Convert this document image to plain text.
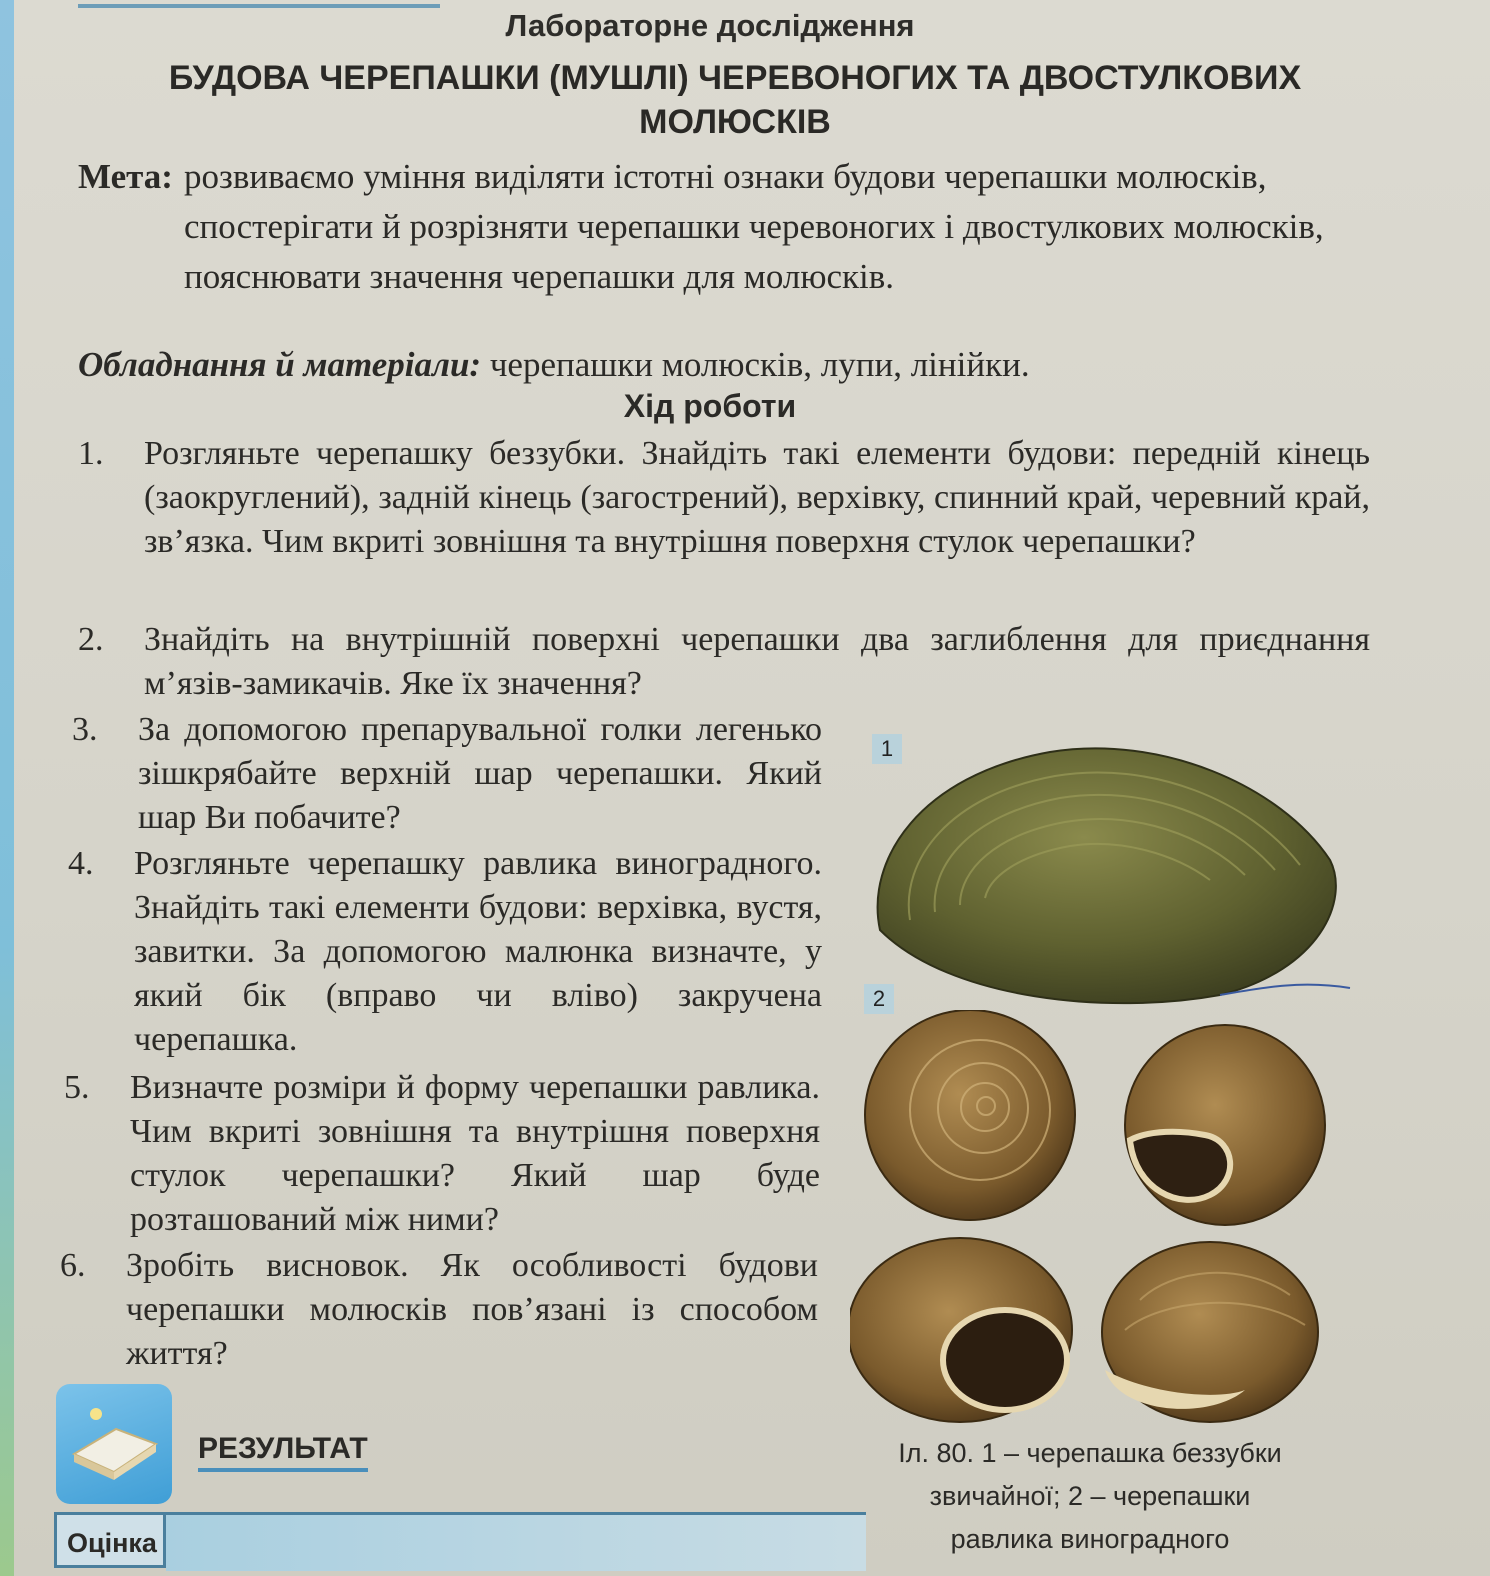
Лабораторне дослідження
БУДОВА ЧЕРЕПАШКИ (МУШЛІ) ЧЕРЕВОНОГИХ ТА ДВОСТУЛКОВИХ
МОЛЮСКІВ
Мета: розвиваємо уміння виділяти істотні ознаки будови черепашки молюсків, спостерігати й розрізняти черепашки черевоногих і двостулкових молюсків, пояснювати значення черепашки для молюсків.
Обладнання й матеріали: черепашки молюсків, лупи, лінійки.
Хід роботи
1.	Розгляньте черепашку беззубки. Знайдіть такі елементи будови: передній кінець (заокруглений), задній кінець (загострений), верхівку, спинний край, черевний край, зв’язка. Чим вкриті зовнішня та внутрішня поверхня стулок черепашки?
2.	Знайдіть на внутрішній поверхні черепашки два заглиблення для приєднання м’язів-замикачів. Яке їх значення?
3.	За допомогою препарувальної голки легенько зішкрябайте верхній шар черепашки. Який шар Ви побачите?
4.	Розгляньте черепашку равлика виноградного. Знайдіть такі елементи будови: верхівка, вустя, завитки. За допомогою малюнка визначте, у який бік (вправо чи вліво) закручена черепашка.
5.	Визначте розміри й форму черепашки равлика. Чим вкриті зовнішня та внутрішня поверхня стулок черепашки? Який шар буде розташований між ними?
6.	Зробіть висновок. Як особливості будови черепашки молюсків пов’язані із способом життя?
1
2
Іл. 80. 1 – черепашка беззубки
звичайної; 2 – черепашки
равлика виноградного
РЕЗУЛЬТАТ
Оцінка
